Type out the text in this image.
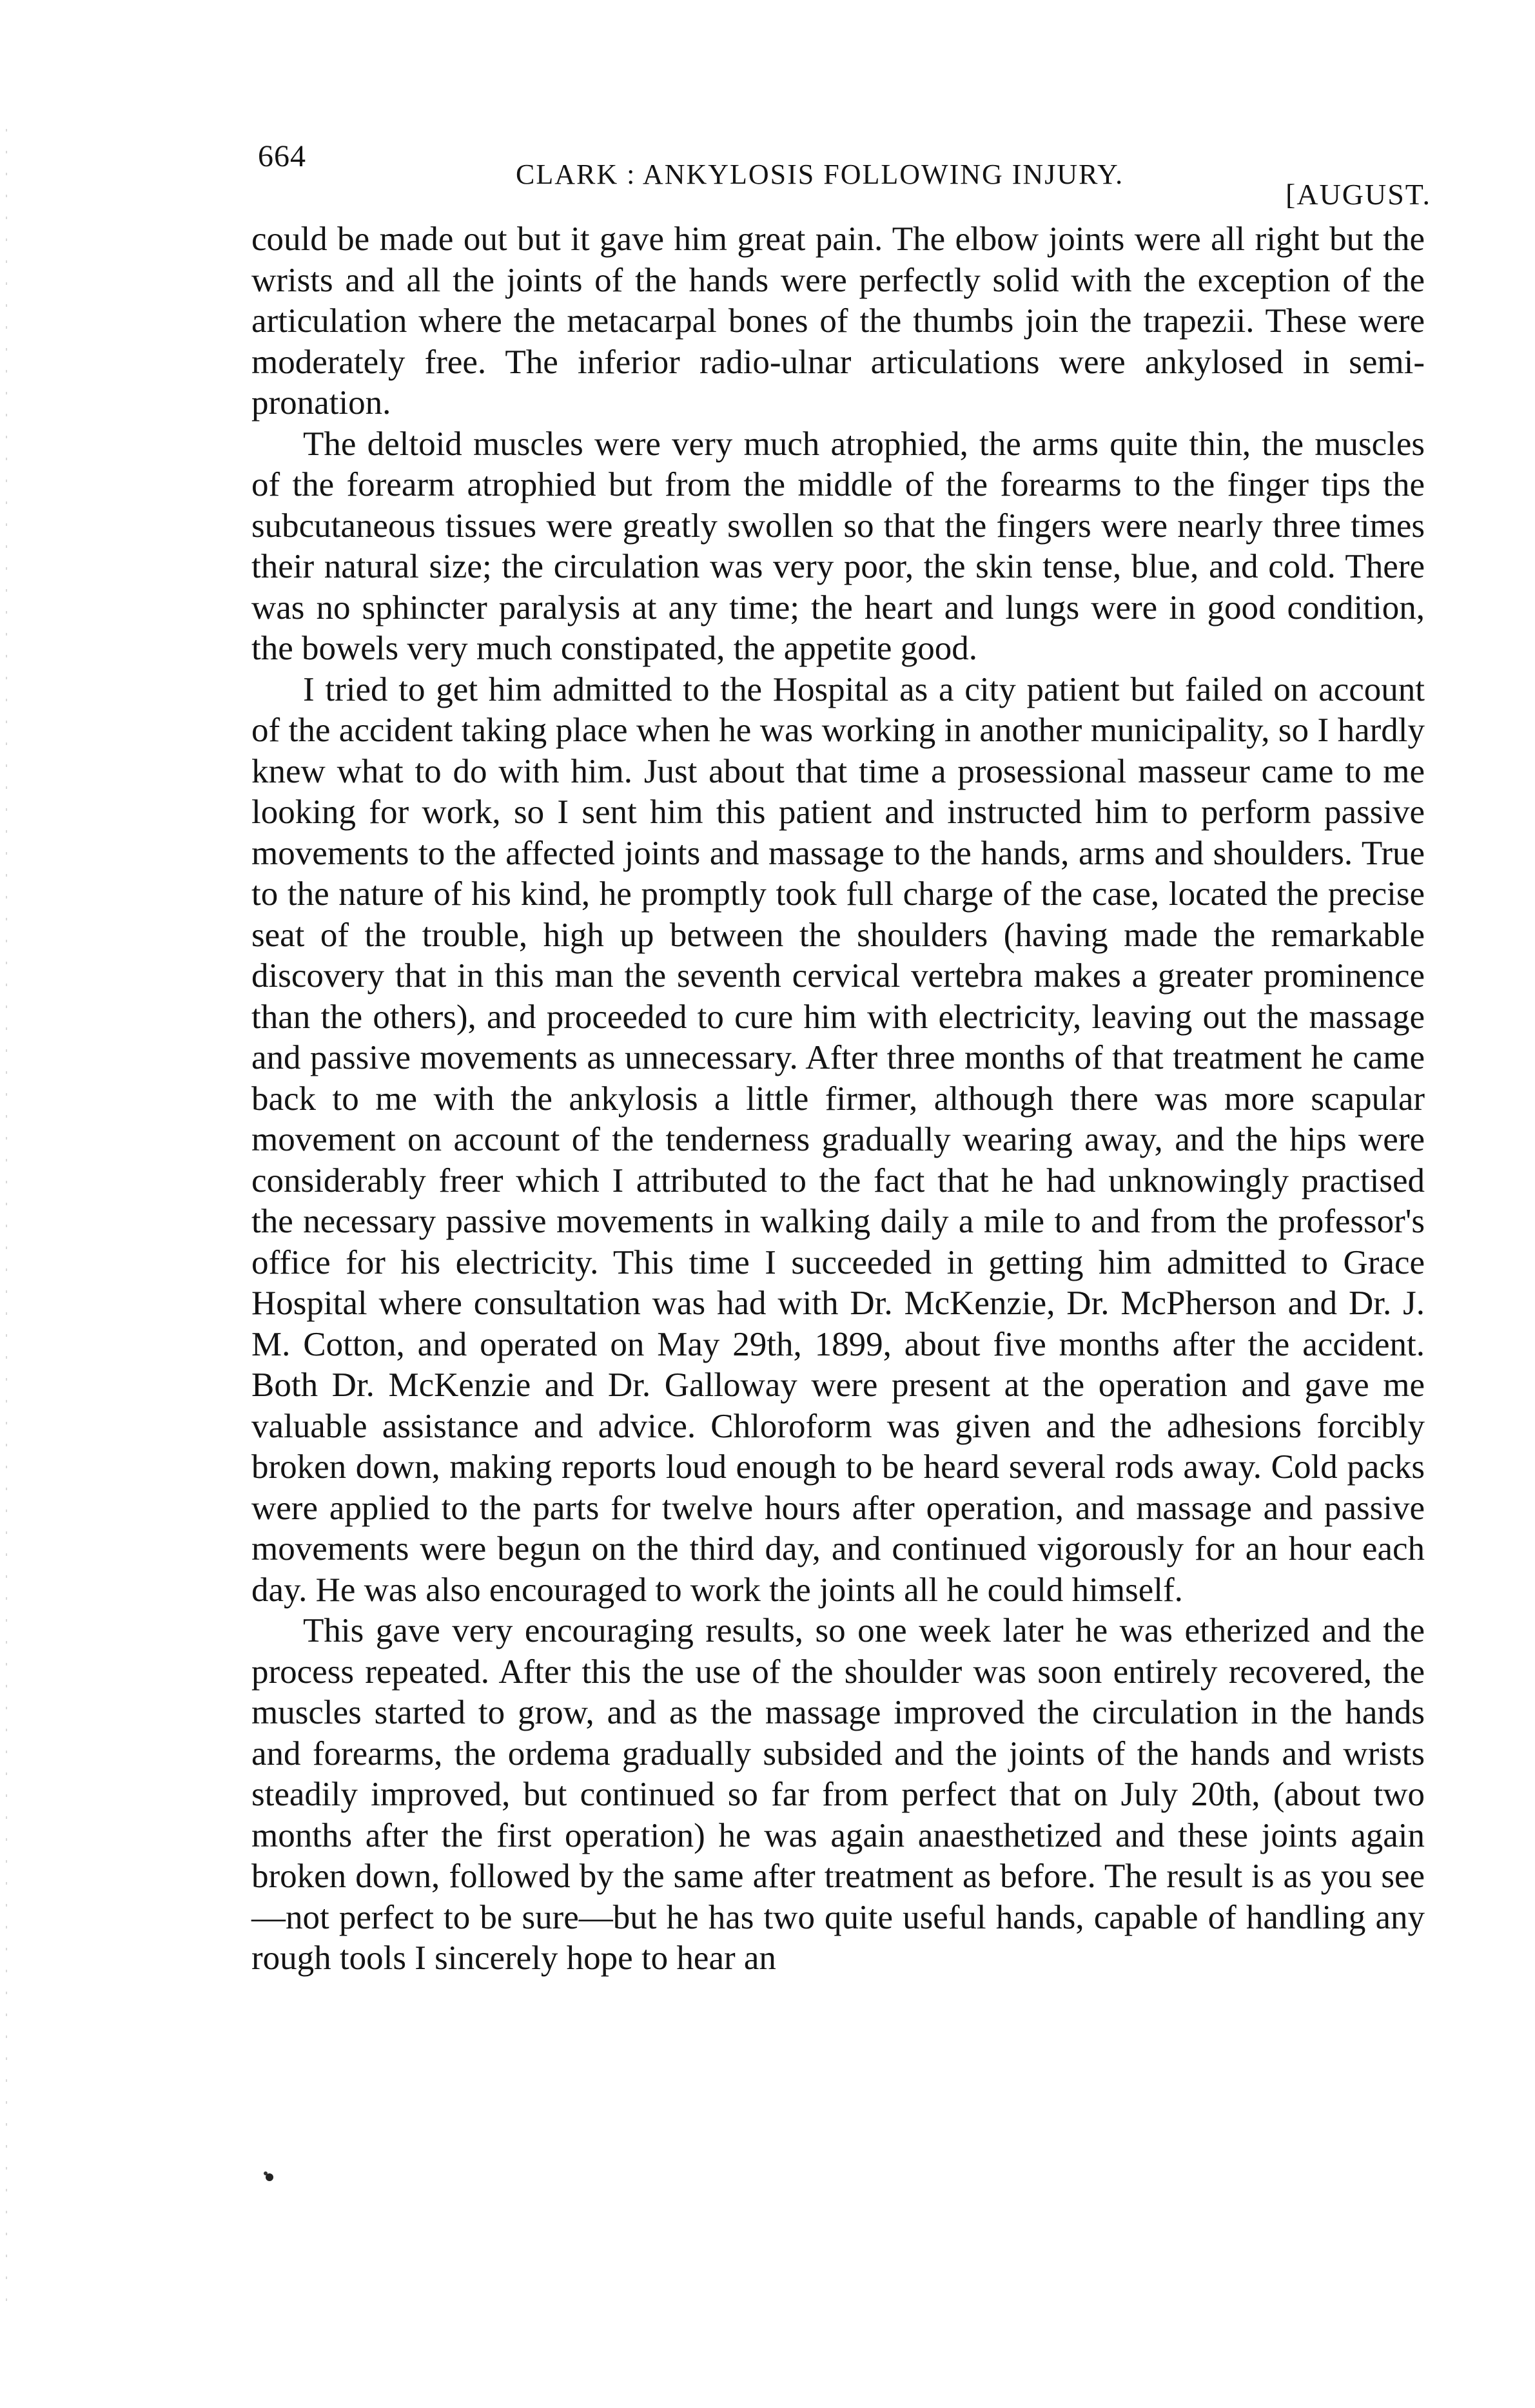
664
CLARK : ANKYLOSIS FOLLOWING INJURY.
[AUGUST.

could be made out but it gave him great pain. The elbow joints were all right but the wrists and all the joints of the hands were perfectly solid with the exception of the articulation where the metacarpal bones of the thumbs join the trapezii. These were moderately free. The inferior radio-ulnar articulations were ankylosed in semi-pronation.

The deltoid muscles were very much atrophied, the arms quite thin, the muscles of the forearm atrophied but from the middle of the forearms to the finger tips the subcutaneous tissues were greatly swollen so that the fingers were nearly three times their natural size; the circulation was very poor, the skin tense, blue, and cold. There was no sphincter paralysis at any time; the heart and lungs were in good condition, the bowels very much constipated, the appetite good.

I tried to get him admitted to the Hospital as a city patient but failed on account of the accident taking place when he was working in another municipality, so I hardly knew what to do with him. Just about that time a prosessional masseur came to me looking for work, so I sent him this patient and instructed him to perform passive movements to the affected joints and massage to the hands, arms and shoulders. True to the nature of his kind, he promptly took full charge of the case, located the precise seat of the trouble, high up between the shoulders (having made the remarkable discovery that in this man the seventh cervical vertebra makes a greater prominence than the others), and proceeded to cure him with electricity, leaving out the massage and passive movements as unnecessary. After three months of that treatment he came back to me with the ankylosis a little firmer, although there was more scapular movement on account of the tenderness gradually wearing away, and the hips were considerably freer which I attributed to the fact that he had unknowingly practised the necessary passive movements in walking daily a mile to and from the professor's office for his electricity. This time I succeeded in getting him admitted to Grace Hospital where consultation was had with Dr. McKenzie, Dr. McPherson and Dr. J. M. Cotton, and operated on May 29th, 1899, about five months after the accident. Both Dr. McKenzie and Dr. Galloway were present at the operation and gave me valuable assistance and advice. Chloroform was given and the adhesions forcibly broken down, making reports loud enough to be heard several rods away. Cold packs were applied to the parts for twelve hours after operation, and massage and passive movements were begun on the third day, and continued vigorously for an hour each day. He was also encouraged to work the joints all he could himself.

This gave very encouraging results, so one week later he was etherized and the process repeated. After this the use of the shoulder was soon entirely recovered, the muscles started to grow, and as the massage improved the circulation in the hands and forearms, the ordema gradually subsided and the joints of the hands and wrists steadily improved, but continued so far from perfect that on July 20th, (about two months after the first operation) he was again anaesthetized and these joints again broken down, followed by the same after treatment as before. The result is as you see—not perfect to be sure—but he has two quite useful hands, capable of handling any rough tools I sincerely hope to hear an
